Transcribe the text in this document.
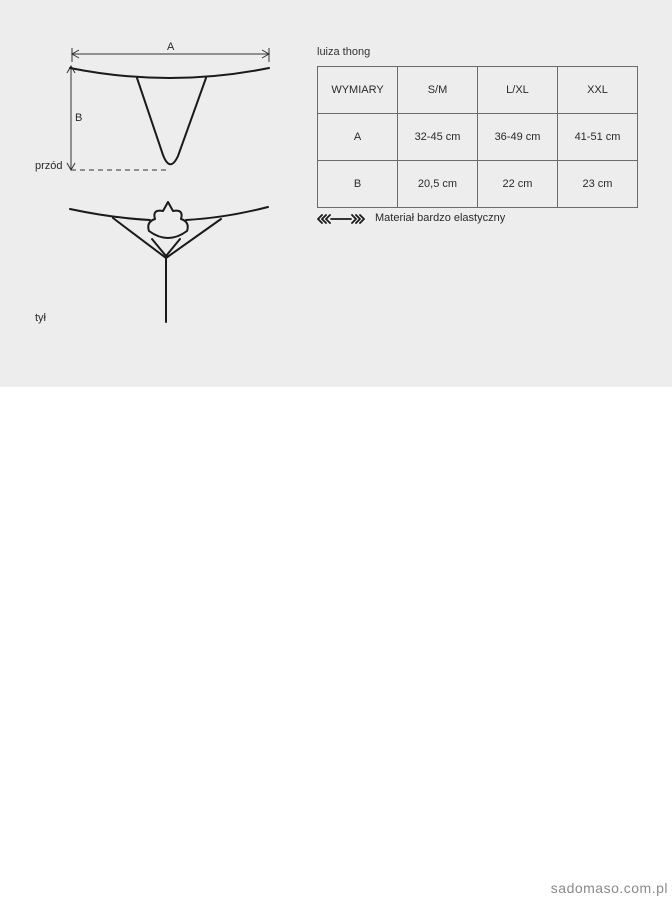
A
B
przód
tył
luiza thong
WYMIARY	S/M	L/XL	XXL
A	32-45 cm	36-49 cm	41-51 cm
B	20,5 cm	22 cm	23 cm
Materiał bardzo elastyczny
sadomaso.com.pl
